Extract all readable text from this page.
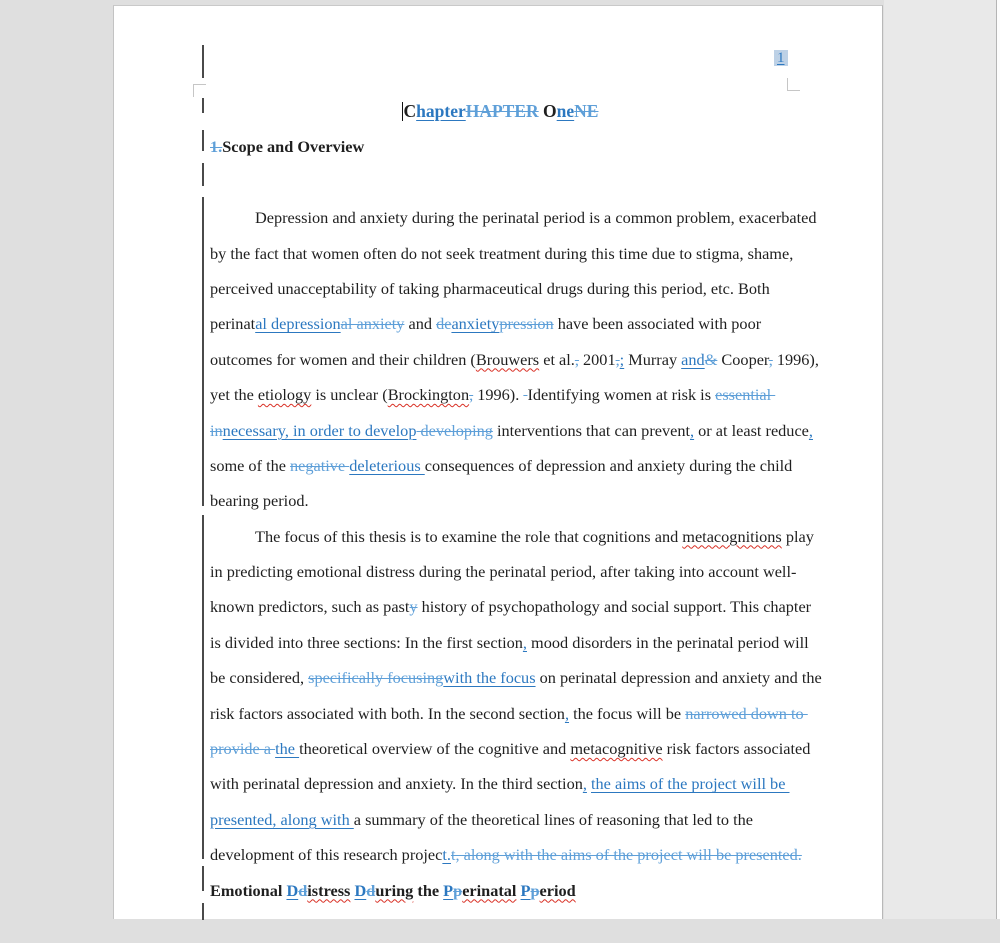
1
ChapterHAPTER OneNE
1.Scope and Overview
Depression and anxiety during the perinatal period is a common problem, exacerbated
by the fact that women often do not seek treatment during this time due to stigma, shame,
perceived unacceptability of taking pharmaceutical drugs during this period, etc. Both
perinatal depressional anxiety and deanxietypression have been associated with poor
outcomes for women and their children (Brouwers et al., 2001,; Murray and& Cooper, 1996),
yet the etiology is unclear (Brockington, 1996).  Identifying women at risk is essential
innecessary, in order to develop developing interventions that can prevent, or at least reduce,
some of the negative deleterious consequences of depression and anxiety during the child
bearing period.
The focus of this thesis is to examine the role that cognitions and metacognitions play
in predicting emotional distress during the perinatal period, after taking into account well-
known predictors, such as pasty history of psychopathology and social support. This chapter
is divided into three sections: In the first section, mood disorders in the perinatal period will
be considered, specifically focusingwith the focus on perinatal depression and anxiety and the
risk factors associated with both. In the second section, the focus will be narrowed down to
provide a the theoretical overview of the cognitive and metacognitive risk factors associated
with perinatal depression and anxiety. In the third section, the aims of the project will be
presented, along with a summary of the theoretical lines of reasoning that led to the
development of this research project.t, along with the aims of the project will be presented.
Emotional Ddistress Dduring the Pperinatal Pperiod
